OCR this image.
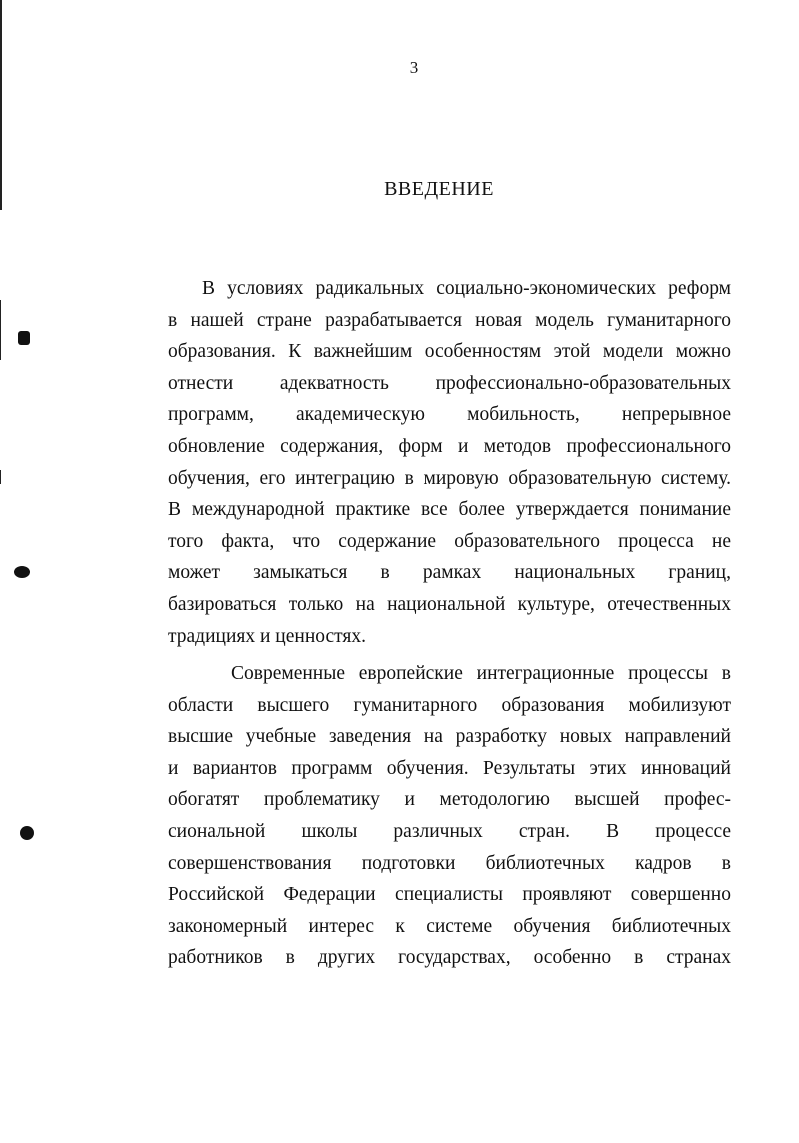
3
ВВЕДЕНИЕ
В условиях радикальных социально-экономических реформ
в нашей стране разрабатывается новая модель гуманитарного
образования. К важнейшим особенностям этой модели можно
отнести адекватность профессионально-образовательных
программ, академическую мобильность, непрерывное
обновление содержания, форм и методов профессионального
обучения, его интеграцию в мировую образовательную систему.
В международной практике все более утверждается понимание
того факта, что содержание образовательного процесса не
может замыкаться в рамках национальных границ,
базироваться только на национальной культуре, отечественных
традициях и ценностях.
Современные европейские интеграционные процессы в
области высшего гуманитарного образования мобилизуют
высшие учебные заведения на разработку новых направлений
и вариантов программ обучения. Результаты этих инноваций
обогатят проблематику и методологию высшей профес-
сиональной школы различных стран. В процессе
совершенствования подготовки библиотечных кадров в
Российской Федерации специалисты проявляют совершенно
закономерный интерес к системе обучения библиотечных
работников в других государствах, особенно в странах
